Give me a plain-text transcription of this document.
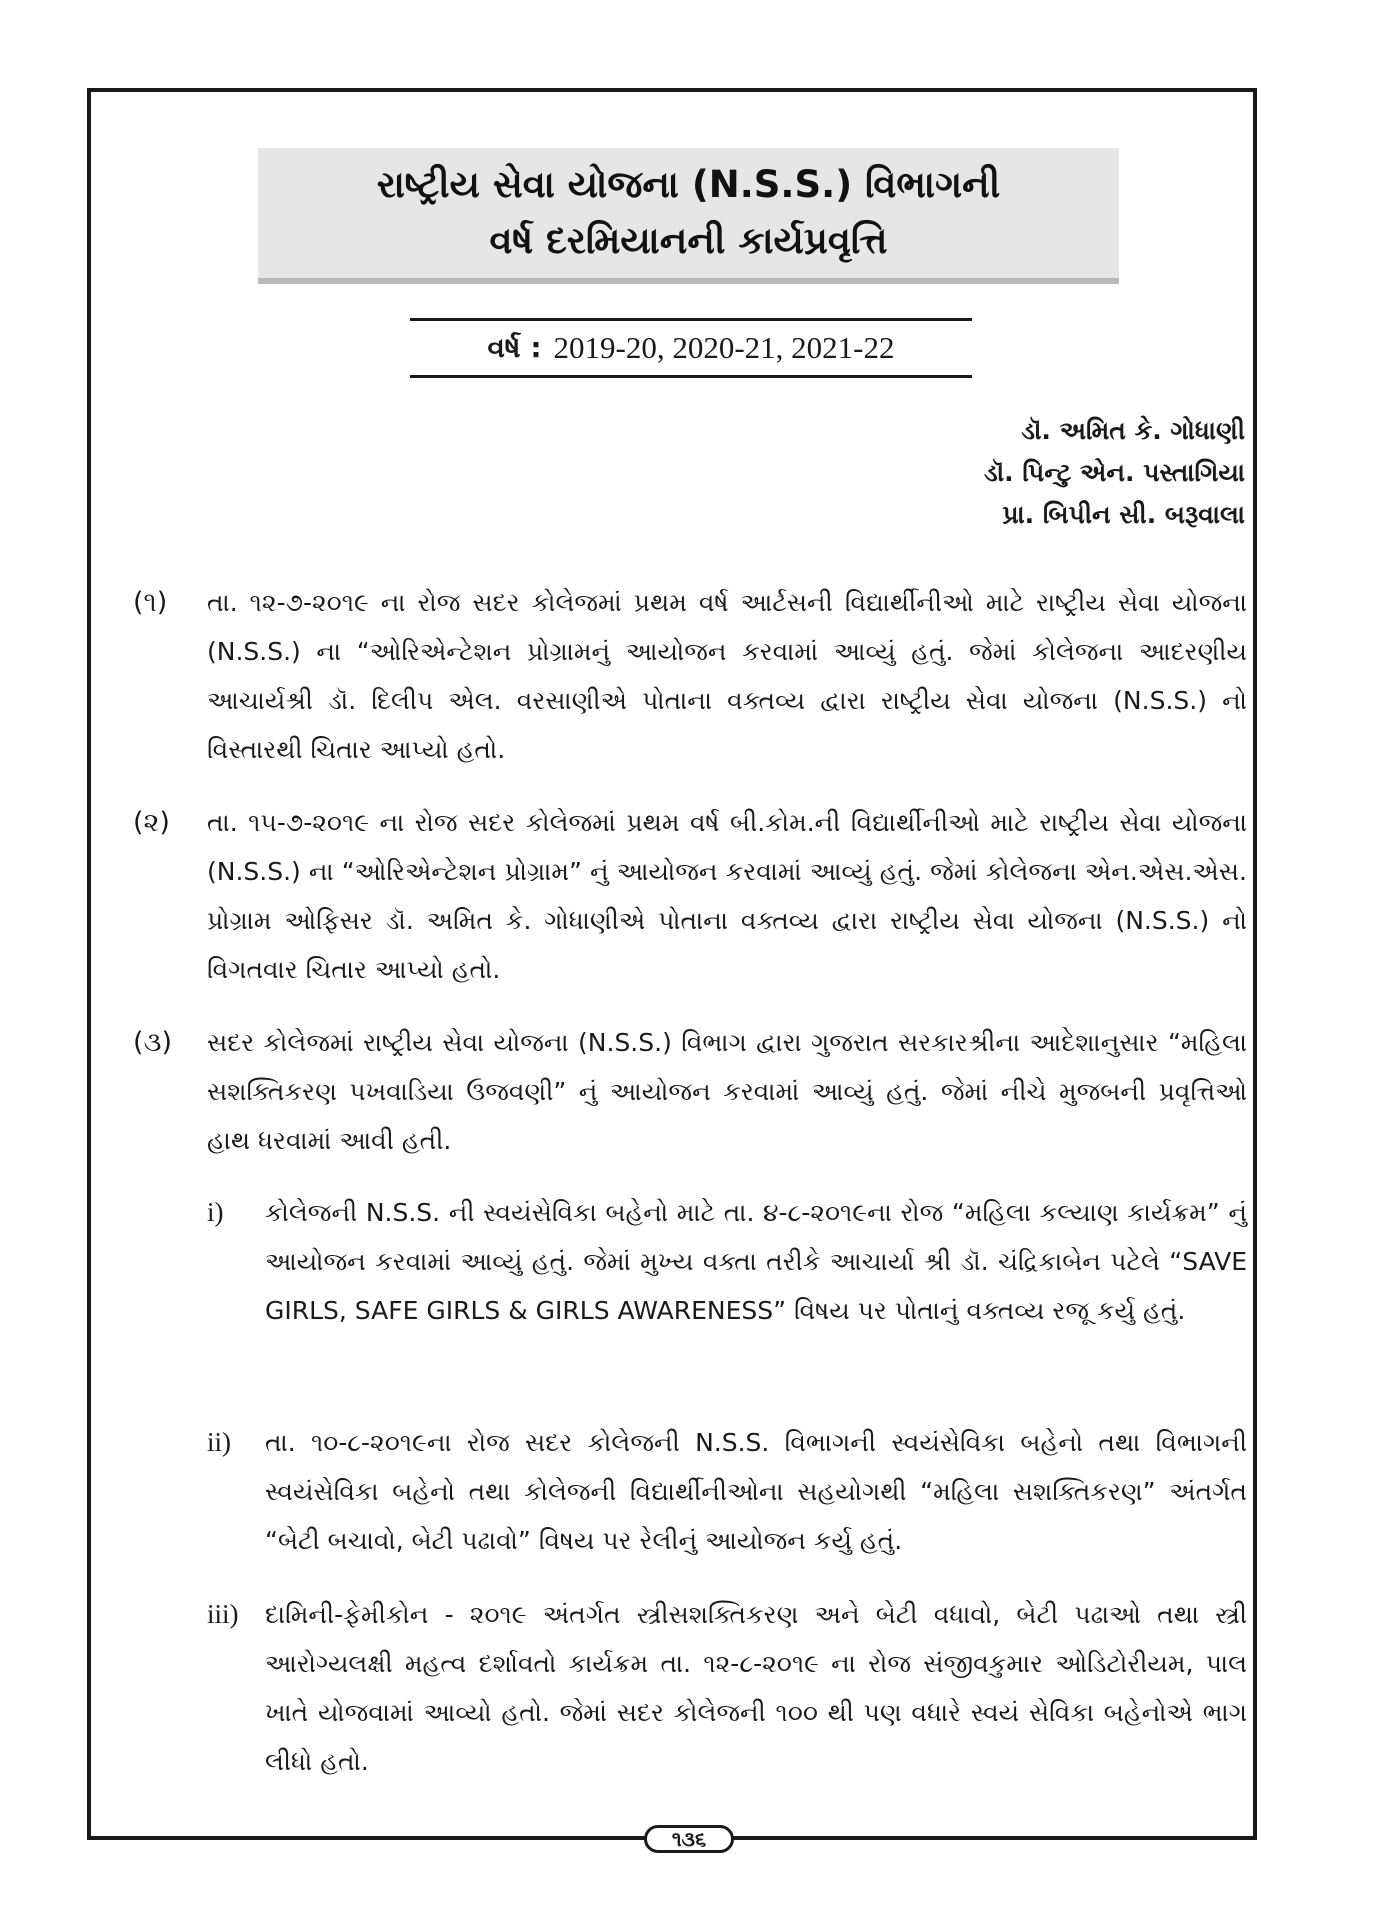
રાષ્ટ્રીય સેવા યોજના (N.S.S.) વિભાગની
વર્ષ દરમિયાનની કાર્યપ્રવૃત્તિ
વર્ષ : 2019-20, 2020-21, 2021-22
ડૉ. અમિત કે. ગોધાણી
ડૉ. પિન્ટુ એન. પસ્તાગિયા
પ્રા. બિપીન સી. બરૂવાલા
(૧) તા. ૧૨-૭-૨૦૧૯ ના રોજ સદર કોલેજમાં પ્રથમ વર્ષ આર્ટસની વિદ્યાર્થીનીઓ માટે રાષ્ટ્રીય સેવા યોજના (N.S.S.) ના “ઓરિએન્ટેશન પ્રોગ્રામનું આયોજન કરવામાં આવ્યું હતું. જેમાં કોલેજના આદરણીય આચાર્યશ્રી ડૉ. દિલીપ એલ. વરસાણીએ પોતાના વક્તવ્ય દ્વારા રાષ્ટ્રીય સેવા યોજના (N.S.S.) નો વિસ્તારથી ચિતાર આપ્યો હતો.
(૨) તા. ૧૫-૭-૨૦૧૯ ના રોજ સદર કોલેજમાં પ્રથમ વર્ષ બી.કોમ.ની વિદ્યાર્થીનીઓ માટે રાષ્ટ્રીય સેવા યોજના (N.S.S.) ના “ઓરિએન્ટેશન પ્રોગ્રામ” નું આયોજન કરવામાં આવ્યું હતું. જેમાં કોલેજના એન.એસ.એસ. પ્રોગ્રામ ઓફિસર ડૉ. અમિત કે. ગોધાણીએ પોતાના વક્તવ્ય દ્વારા રાષ્ટ્રીય સેવા યોજના (N.S.S.) નો વિગતવાર ચિતાર આપ્યો હતો.
(૩) સદર કોલેજમાં રાષ્ટ્રીય સેવા યોજના (N.S.S.) વિભાગ દ્વારા ગુજરાત સરકારશ્રીના આદેશાનુસાર “મહિલા સશક્તિકરણ પખવાડિયા ઉજવણી” નું આયોજન કરવામાં આવ્યું હતું. જેમાં નીચે મુજબની પ્રવૃત્તિઓ હાથ ધરવામાં આવી હતી.
i) કોલેજની N.S.S. ની સ્વયંસેવિકા બહેનો માટે તા. ૪-૮-૨૦૧૯ના રોજ “મહિલા કલ્યાણ કાર્યક્રમ” નું આયોજન કરવામાં આવ્યું હતું. જેમાં મુખ્ય વક્તા તરીકે આચાર્યા શ્રી ડૉ. ચંદ્રિકાબેન પટેલે “SAVE GIRLS, SAFE GIRLS & GIRLS AWARENESS” વિષય પર પોતાનું વક્તવ્ય રજૂ કર્યુ હતું.
ii) તા. ૧૦-૮-૨૦૧૯ના રોજ સદર કોલેજની N.S.S. વિભાગની સ્વયંસેવિકા બહેનો તથા વિભાગની સ્વયંસેવિકા બહેનો તથા કોલેજની વિદ્યાર્થીનીઓના સહયોગથી “મહિલા સશક્તિકરણ” અંતર્ગત “બેટી બચાવો, બેટી પઢાવો” વિષય પર રેલીનું આયોજન કર્યુ હતું.
iii) દામિની-ફેમીકોન - ૨૦૧૯ અંતર્ગત સ્ત્રીસશક્તિકરણ અને બેટી વધાવો, બેટી પઢાઓ તથા સ્ત્રી આરોગ્યલક્ષી મહત્વ દર્શાવતો કાર્યક્રમ તા. ૧૨-૮-૨૦૧૯ ના રોજ સંજીવકુમાર ઓડિટોરીયમ, પાલ ખાતે યોજવામાં આવ્યો હતો. જેમાં સદર કોલેજની ૧૦૦ થી પણ વધારે સ્વયં સેવિકા બહેનોએ ભાગ લીધો હતો.
૧૩૬
